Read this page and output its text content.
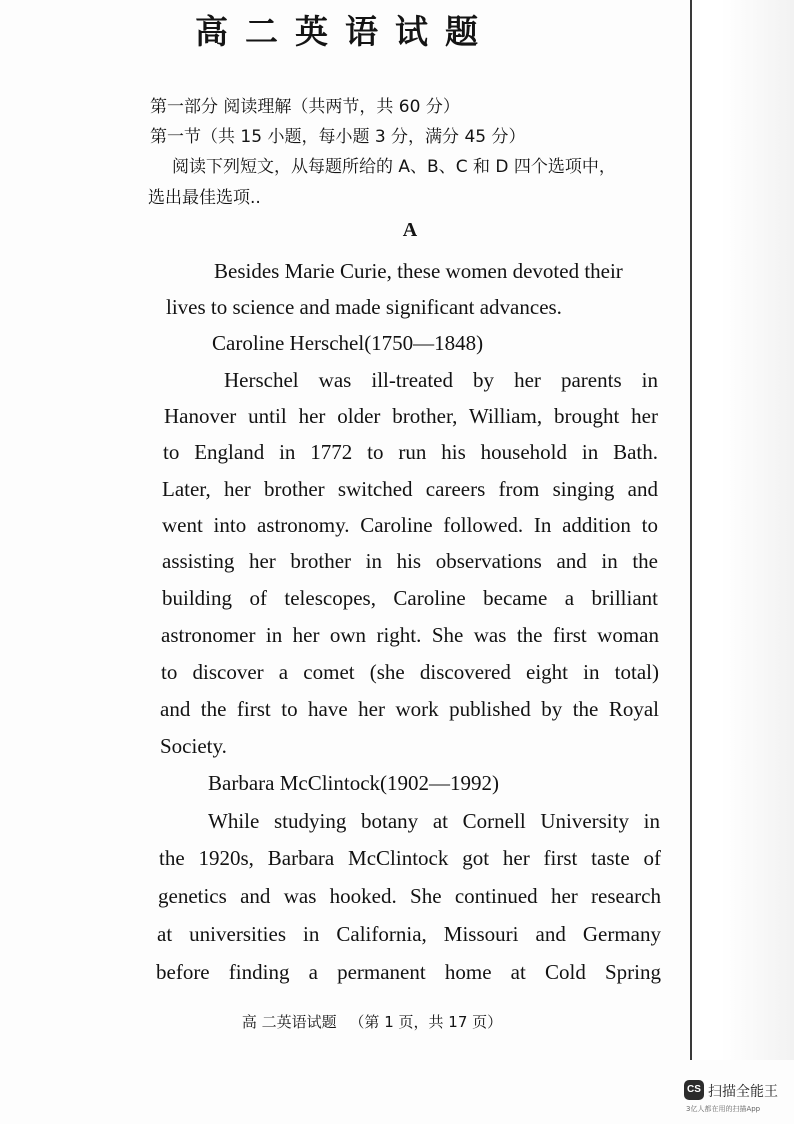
高二英语试题
第一部分 阅读理解（共两节，共 60 分）
第一节（共 15 小题，每小题 3 分，满分 45 分）
阅读下列短文，从每题所给的 A、B、C 和 D 四个选项中，
选出最佳选项..
A
Besides Marie Curie, these women devoted their
lives to science and made significant advances.
Caroline Herschel(1750—1848)
Herschel was ill-treated by her parents in
Hanover until her older brother, William, brought her
to England in 1772 to run his household in Bath.
Later, her brother switched careers from singing and
went into astronomy. Caroline followed. In addition to
assisting her brother in his observations and in the
building of telescopes, Caroline became a brilliant
astronomer in her own right. She was the first woman
to discover a comet (she discovered eight in total)
and the first to have her work published by the Royal
Society.
Barbara McClintock(1902—1992)
While studying botany at Cornell University in
the 1920s, Barbara McClintock got her first taste of
genetics and was hooked. She continued her research
at universities in California, Missouri and Germany
before finding a permanent home at Cold Spring
高 二英语试题 （第 1 页，共 17 页）
CS 扫描全能王
3亿人都在用的扫描App
